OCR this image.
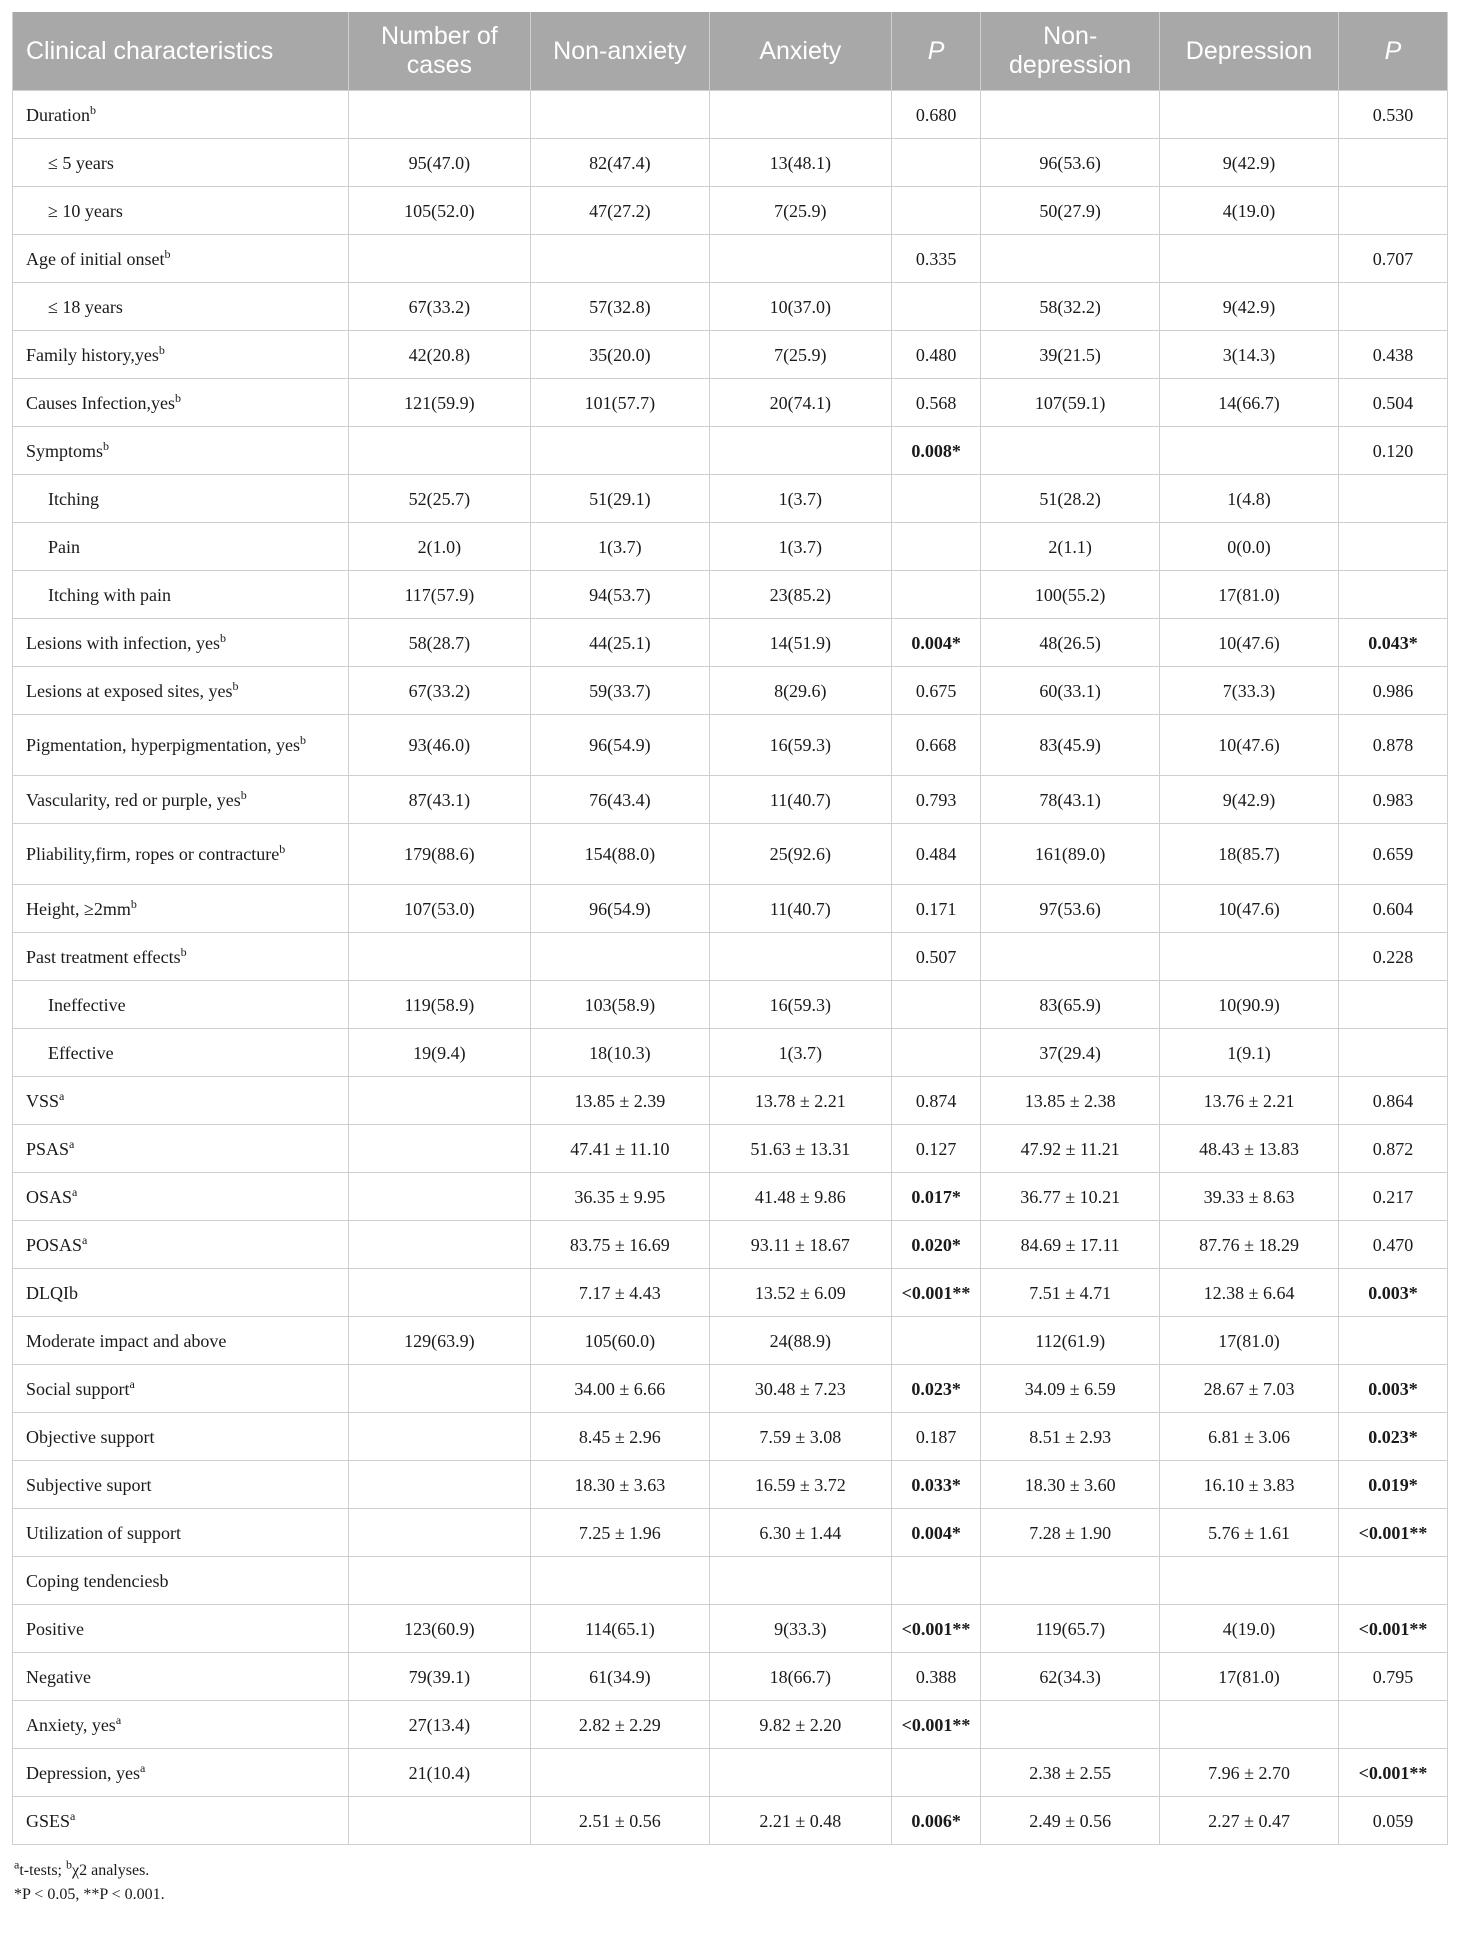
Clinical characteristics	Number of cases	Non-anxiety	Anxiety	P	Non-depression	Depression	P
Duration$^b$				0.680			0.530
≤ 5 years	95(47.0)	82(47.4)	13(48.1)		96(53.6)	9(42.9)	
≥ 10 years	105(52.0)	47(27.2)	7(25.9)		50(27.9)	4(19.0)	
Age of initial onset$^b$				0.335			0.707
≤ 18 years	67(33.2)	57(32.8)	10(37.0)		58(32.2)	9(42.9)	
Family history,yes$^b$	42(20.8)	35(20.0)	7(25.9)	0.480	39(21.5)	3(14.3)	0.438
Causes Infection,yes$^b$	121(59.9)	101(57.7)	20(74.1)	0.568	107(59.1)	14(66.7)	0.504
Symptoms$^b$				0.008*			0.120
Itching	52(25.7)	51(29.1)	1(3.7)		51(28.2)	1(4.8)	
Pain	2(1.0)	1(3.7)	1(3.7)		2(1.1)	0(0.0)	
Itching with pain	117(57.9)	94(53.7)	23(85.2)		100(55.2)	17(81.0)	
Lesions with infection, yes$^b$	58(28.7)	44(25.1)	14(51.9)	0.004*	48(26.5)	10(47.6)	0.043*
Lesions at exposed sites, yes$^b$	67(33.2)	59(33.7)	8(29.6)	0.675	60(33.1)	7(33.3)	0.986
Pigmentation, hyperpigmentation, yes$^b$	93(46.0)	96(54.9)	16(59.3)	0.668	83(45.9)	10(47.6)	0.878
Vascularity, red or purple, yes$^b$	87(43.1)	76(43.4)	11(40.7)	0.793	78(43.1)	9(42.9)	0.983
Pliability,firm, ropes or contracture$^b$	179(88.6)	154(88.0)	25(92.6)	0.484	161(89.0)	18(85.7)	0.659
Height, $\ge 2mm^b$	107(53.0)	96(54.9)	11(40.7)	0.171	97(53.6)	10(47.6)	0.604
Past treatment effects$^b$				0.507			0.228
Ineffective	119(58.9)	103(58.9)	16(59.3)		83(65.9)	10(90.9)	
Effective	19(9.4)	18(10.3)	1(3.7)		37(29.4)	1(9.1)	
VSS$^a$		13.85 ± 2.39	13.78 ± 2.21	0.874	13.85 ± 2.38	13.76 ± 2.21	0.864
PSAS$^a$		47.41 ± 11.10	51.63 ± 13.31	0.127	47.92 ± 11.21	48.43 ± 13.83	0.872
OSAS$^a$		36.35 ± 9.95	41.48 ± 9.86	0.017*	36.77 ± 10.21	39.33 ± 8.63	0.217
POSAS$^a$		83.75 ± 16.69	93.11 ± 18.67	0.020*	84.69 ± 17.11	87.76 ± 18.29	0.470
DLQIb		7.17 ± 4.43	13.52 ± 6.09	<0.001**	7.51 ± 4.71	12.38 ± 6.64	0.003*
Moderate impact and above	129(63.9)	105(60.0)	24(88.9)		112(61.9)	17(81.0)	
Social support$^a$		34.00 ± 6.66	30.48 ± 7.23	0.023*	34.09 ± 6.59	28.67 ± 7.03	0.003*
Objective support		8.45 ± 2.96	7.59 ± 3.08	0.187	8.51 ± 2.93	6.81 ± 3.06	0.023*
Subjective suport		18.30 ± 3.63	16.59 ± 3.72	0.033*	18.30 ± 3.60	16.10 ± 3.83	0.019*
Utilization of support		7.25 ± 1.96	6.30 ± 1.44	0.004*	7.28 ± 1.90	5.76 ± 1.61	<0.001**
Coping tendenciesb							
Positive	123(60.9)	114(65.1)	9(33.3)	<0.001**	119(65.7)	4(19.0)	<0.001**
Negative	79(39.1)	61(34.9)	18(66.7)	0.388	62(34.3)	17(81.0)	0.795
Anxiety, yes$^a$	27(13.4)	2.82 ± 2.29	9.82 ± 2.20	<0.001**			
Depression, yes$^a$	21(10.4)				2.38 ± 2.55	7.96 ± 2.70	<0.001**
GSES$^a$		2.51 ± 0.56	2.21 ± 0.48	0.006*	2.49 ± 0.56	2.27 ± 0.47	0.059
$^a$t-tests; $^b$χ2 analyses.
*P < 0.05, **P < 0.001.
